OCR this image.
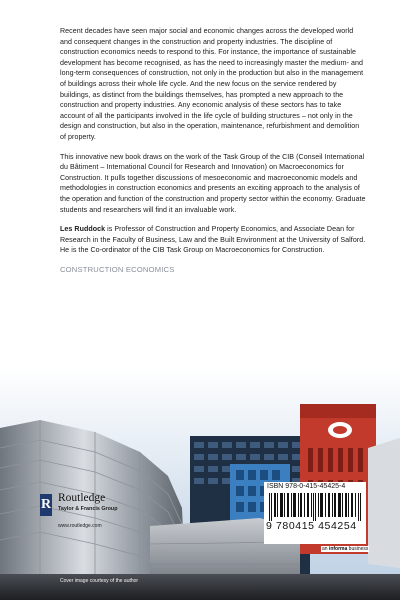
Recent decades have seen major social and economic changes across the developed world and consequent changes in the construction and property industries. The discipline of construction economics needs to respond to this. For instance, the importance of sustainable development has become recognised, as has the need to increasingly master the medium- and long-term consequences of construction, not only in the production but also in the management of buildings across their whole life cycle. And the new focus on the service rendered by buildings, as distinct from the buildings themselves, has prompted a new approach to the construction and property industries. Any economic analysis of these sectors has to take account of all the participants involved in the life cycle of building structures – not only in the design and construction, but also in the operation, maintenance, refurbishment and demolition of property.

This innovative new book draws on the work of the Task Group of the CIB (Conseil International du Bâtiment – International Council for Research and Innovation) on Macroeconomics for Construction. It pulls together discussions of mesoeconomic and macroeconomic models and methodologies in construction economics and presents an exciting approach to the analysis of the operation and function of the construction and property sector within the economy. Graduate students and researchers will find it an invaluable work.

Les Ruddock is Professor of Construction and Property Economics, and Associate Dean for Research in the Faculty of Business, Law and the Built Environment at the University of Salford. He is the Co-ordinator of the CIB Task Group on Macroeconomics for Construction.

CONSTRUCTION ECONOMICS
R Routledge
Taylor & Francis Group
www.routledge.com
ISBN 978-0-415-45425-4
9 780415 454254
an informa business
Cover image courtesy of the author
